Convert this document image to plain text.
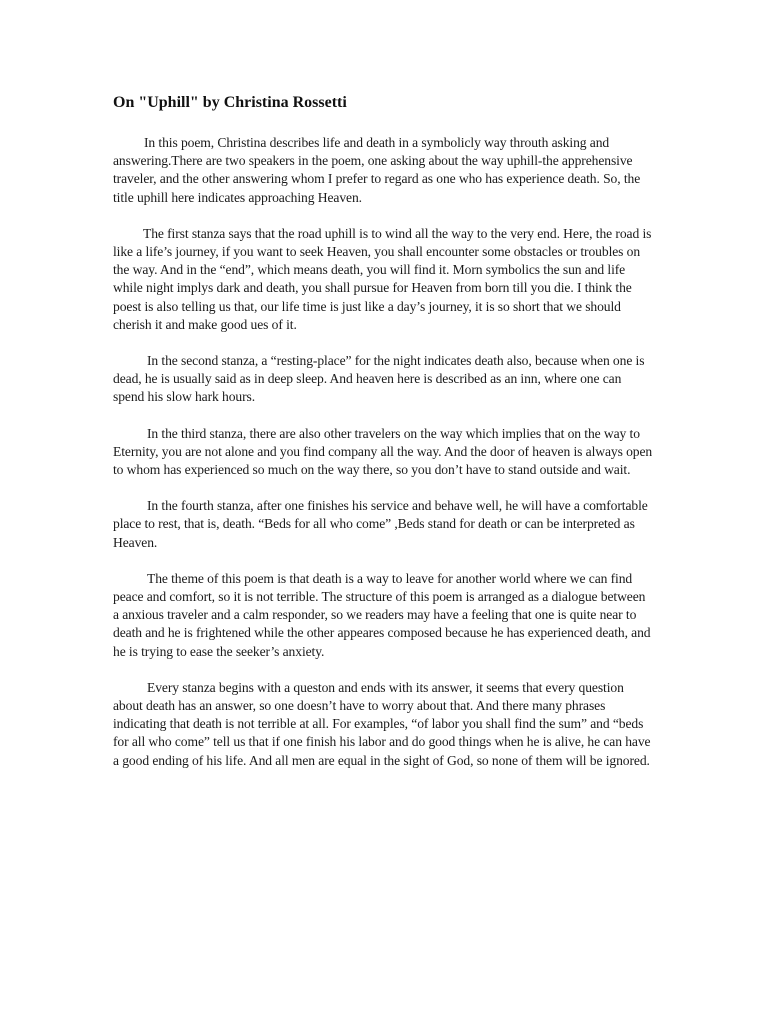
On "Uphill" by Christina Rossetti

In this poem, Christina describes life and death in a symbolicly way throuth asking and answering.There are two speakers in the poem, one asking about the way uphill-the apprehensive traveler, and the other answering whom I prefer to regard as one who has experience death. So, the title uphill here indicates approaching Heaven.

The first stanza says that the road uphill is to wind all the way to the very end. Here, the road is like a life’s journey, if you want to seek Heaven, you shall encounter some obstacles or troubles on the way. And in the “end”, which means death, you will find it. Morn symbolics the sun and life while night implys dark and death, you shall pursue for Heaven from born till you die. I think the poest is also telling us that, our life time is just like a day’s journey, it is so short that we should cherish it and make good ues of it.

In the second stanza, a “resting-place” for the night indicates death also, because when one is dead, he is usually said as in deep sleep. And heaven here is described as an inn, where one can spend his slow hark hours.

In the third stanza, there are also other travelers on the way which implies that on the way to Eternity, you are not alone and you find company all the way. And the door of heaven is always open to whom has experienced so much on the way there, so you don’t have to stand outside and wait.

In the fourth stanza, after one finishes his service and behave well, he will have a comfortable place to rest, that is, death. “Beds for all who come” ,Beds stand for death or can be interpreted as Heaven.

The theme of this poem is that death is a way to leave for another world where we can find peace and comfort, so it is not terrible. The structure of this poem is arranged as a dialogue between a anxious traveler and a calm responder, so we readers may have a feeling that one is quite near to death and he is frightened while the other appeares composed because he has experienced death, and he is trying to ease the seeker’s anxiety.

Every stanza begins with a queston and ends with its answer, it seems that every question about death has an answer, so one doesn’t have to worry about that. And there many phrases indicating that death is not terrible at all. For examples, “of labor you shall find the sum” and “beds for all who come” tell us that if one finish his labor and do good things when he is alive, he can have a good ending of his life. And all men are equal in the sight of God, so none of them will be ignored.
